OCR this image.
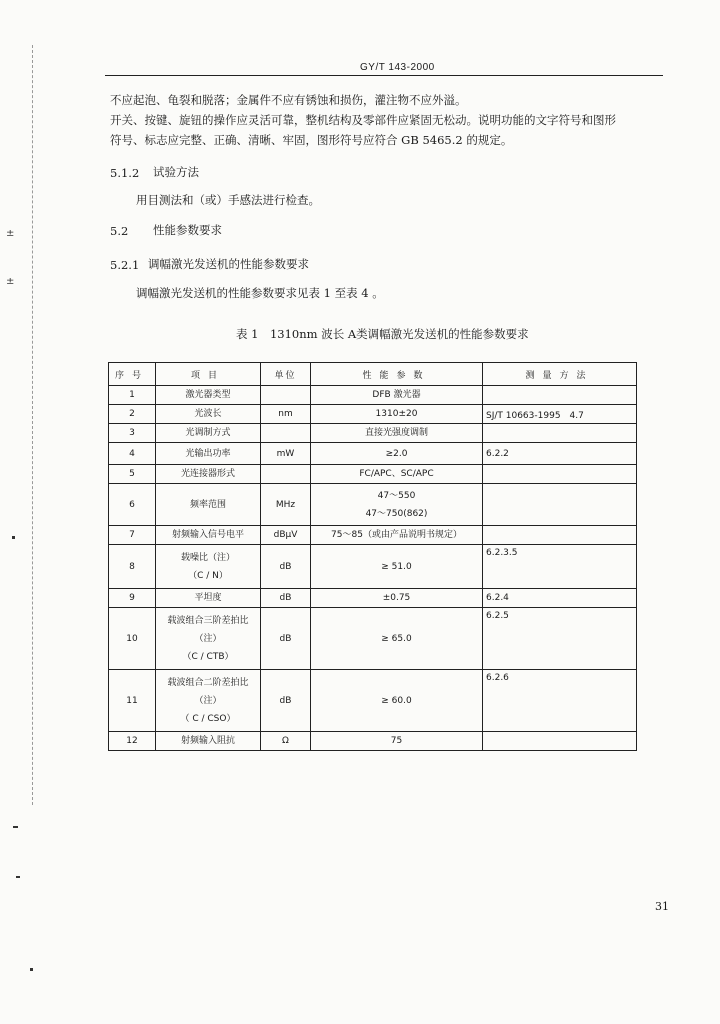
±
±
GY/T 143-2000
不应起泡、龟裂和脱落；金属件不应有锈蚀和损伤，灌注物不应外溢。
开关、按键、旋钮的操作应灵活可靠，整机结构及零部件应紧固无松动。说明功能的文字符号和图形
符号、标志应完整、正确、清晰、牢固，图形符号应符合 GB 5465.2 的规定。
5.1.2 试验方法
用目测法和（或）手感法进行检查。
5.2 性能参数要求
5.2.1 调幅激光发送机的性能参数要求
调幅激光发送机的性能参数要求见表 1 至表 4 。
表 1　1310nm 波长 A类调幅激光发送机的性能参数要求
序号	项目	单位	性能参数	测量方法
1	激光器类型		DFB 激光器	

2	光波长	nm	1310±20	SJ/T 10663-1995　4.7
3	光调制方式		直接光强度调制	

4	光输出功率	mW	≥2.0	6.2.2
5	光连接器形式		FC/APC、SC/APC	

6	频率范围	MHz	47～550
47～750(862)	

7	射频输入信号电平	dBμV	75～85（或由产品说明书规定）	

8	载噪比（注）
（C / N）	dB	≥ 51.0	6.2.3.5
9	平坦度	dB	±0.75	6.2.4
10	载波组合三阶差拍比
（注）
（C / CTB）	dB	≥ 65.0	6.2.5
11	载波组合二阶差拍比
（注）
（ C / CSO）	dB	≥ 60.0	6.2.6
12	射频输入阻抗	Ω	75	

31
